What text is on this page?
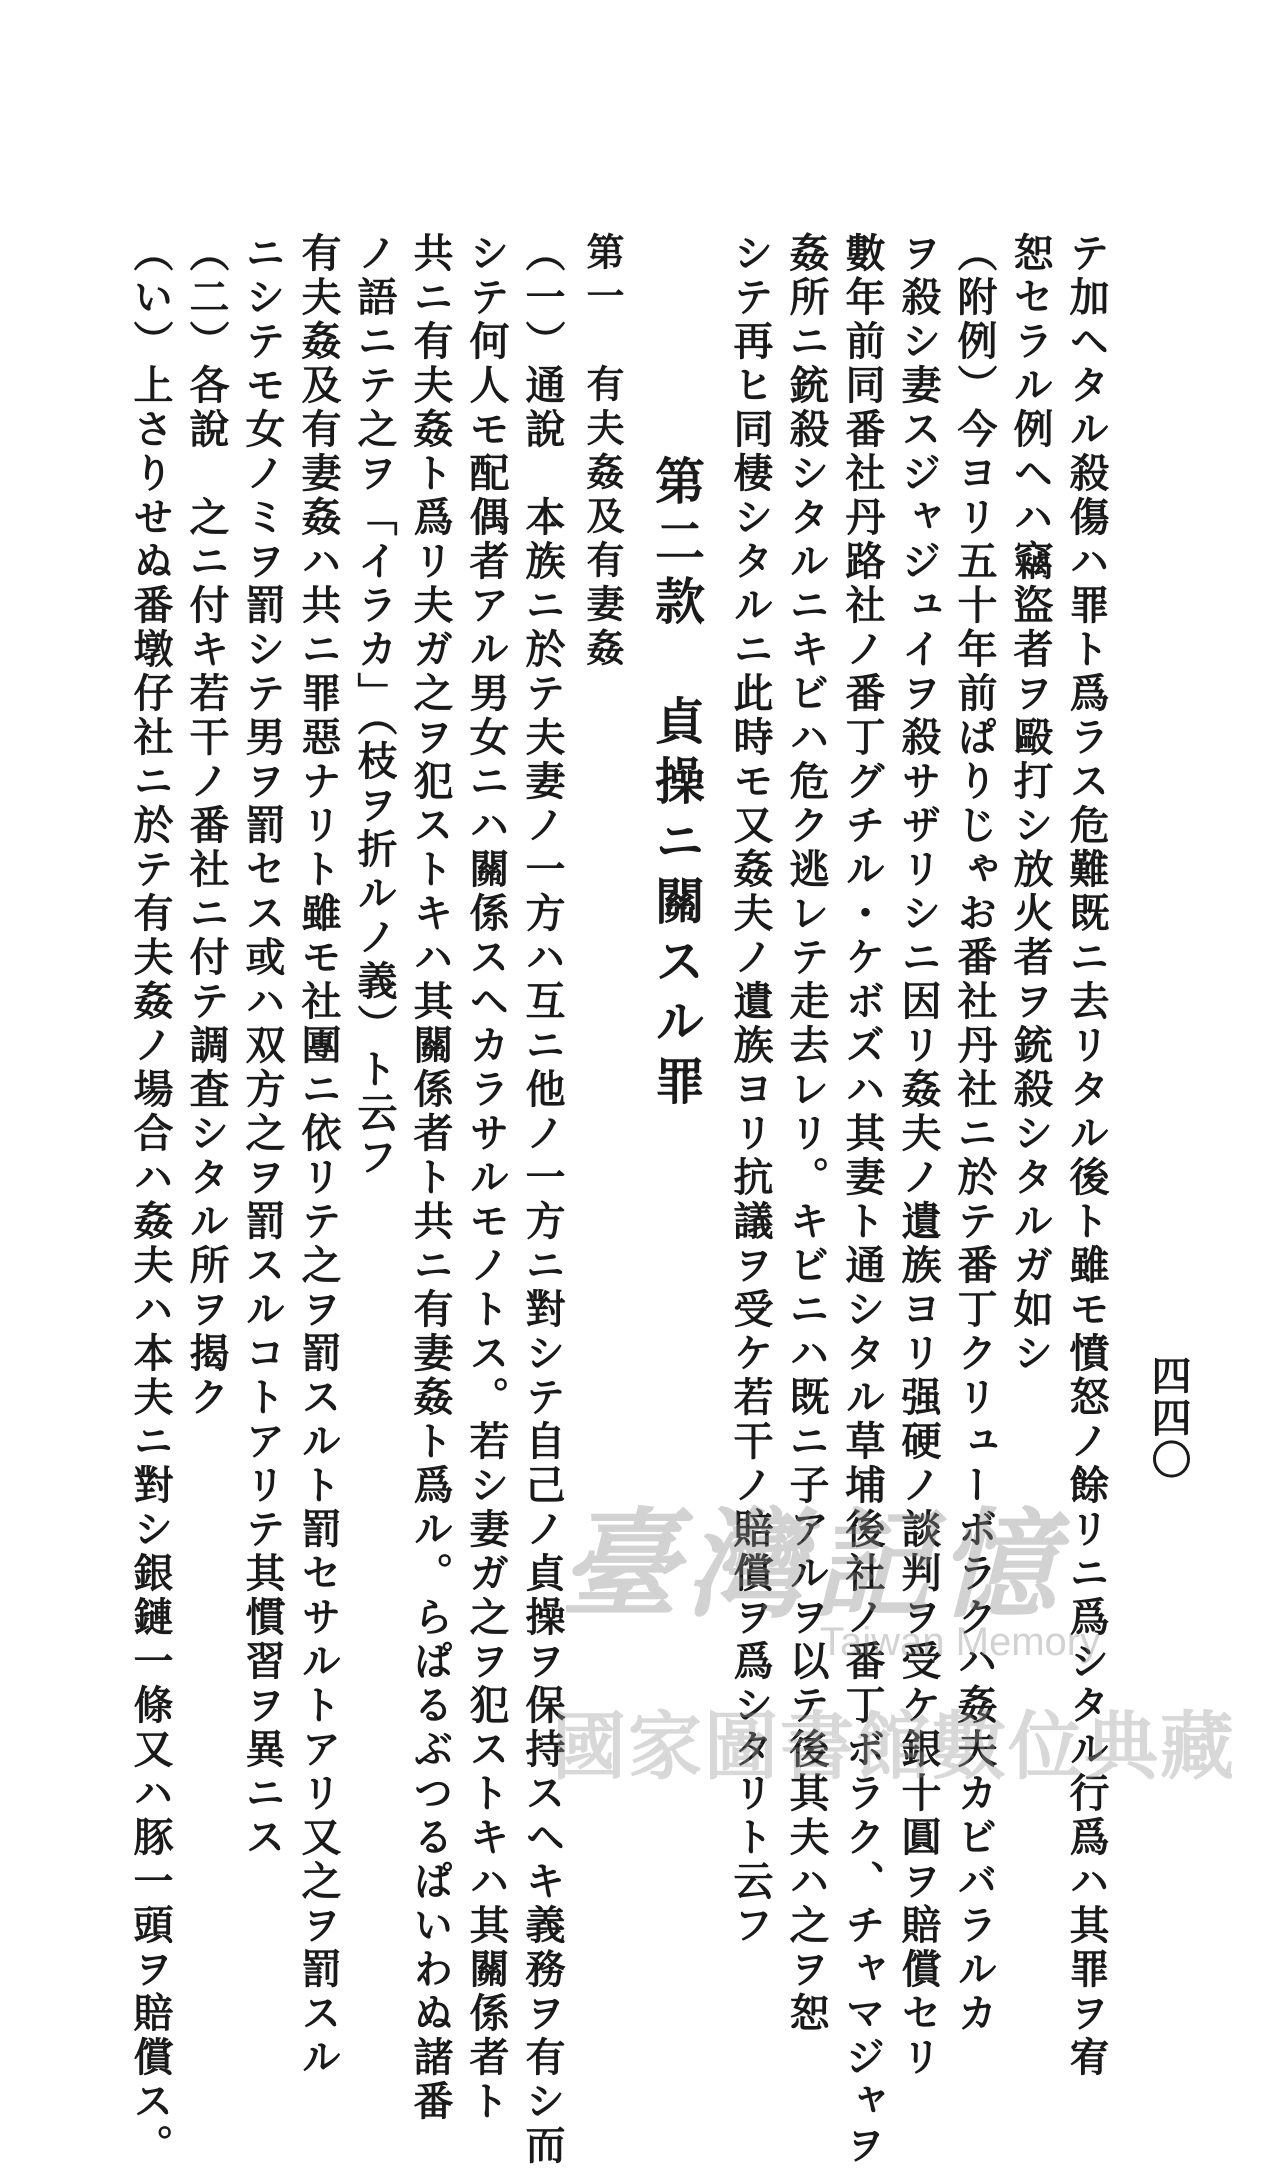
四四〇
テ加ヘタル殺傷ハ罪ト爲ラス危難既ニ去リタル後ト雖モ憤怒ノ餘リニ爲シタル行爲ハ其罪ヲ宥
恕セラル例ヘハ竊盜者ヲ毆打シ放火者ヲ銃殺シタルガ如シ
（附例）今ヨリ五十年前ぱりじゃお番社丹社ニ於テ番丁クリューボラクハ姦夫カビバラルカ
ヲ殺シ妻スジャジュイヲ殺サザリシニ因リ姦夫ノ遺族ヨリ强硬ノ談判ヲ受ケ銀十圓ヲ賠償セリ
數年前同番社丹路社ノ番丁グチル・ケボズハ其妻ト通シタル草埔後社ノ番丁ボラク、チャマジャヲ
姦所ニ銃殺シタルニキビハ危ク逃レテ走去レリ。キビニハ既ニ子アルヲ以テ後其夫ハ之ヲ恕
シテ再ヒ同棲シタルニ此時モ又姦夫ノ遺族ヨリ抗議ヲ受ケ若干ノ賠償ヲ爲シタリト云フ
第二款　貞操ニ關スル罪
第一　有夫姦及有妻姦
（一）通說　本族ニ於テ夫妻ノ一方ハ互ニ他ノ一方ニ對シテ自己ノ貞操ヲ保持スヘキ義務ヲ有シ而
シテ何人モ配偶者アル男女ニハ關係スヘカラサルモノトス。若シ妻ガ之ヲ犯ストキハ其關係者ト
共ニ有夫姦ト爲リ夫ガ之ヲ犯ストキハ其關係者ト共ニ有妻姦ト爲ル。らぱるぶつるぱいわぬ諸番
ノ語ニテ之ヲ「イラカ」（枝ヲ折ルノ義）ト云フ
有夫姦及有妻姦ハ共ニ罪惡ナリト雖モ社團ニ依リテ之ヲ罰スルト罰セサルトアリ又之ヲ罰スル
ニシテモ女ノミヲ罰シテ男ヲ罰セス或ハ双方之ヲ罰スルコトアリテ其慣習ヲ異ニス
（二）各說　之ニ付キ若干ノ番社ニ付テ調査シタル所ヲ揭ク
（い）上さりせぬ番墩仔社ニ於テ有夫姦ノ場合ハ姦夫ハ本夫ニ對シ銀鏈一條又ハ豚一頭ヲ賠償ス。	臺灣記憶
Taiwan Memory
國家圖書館數位典藏
